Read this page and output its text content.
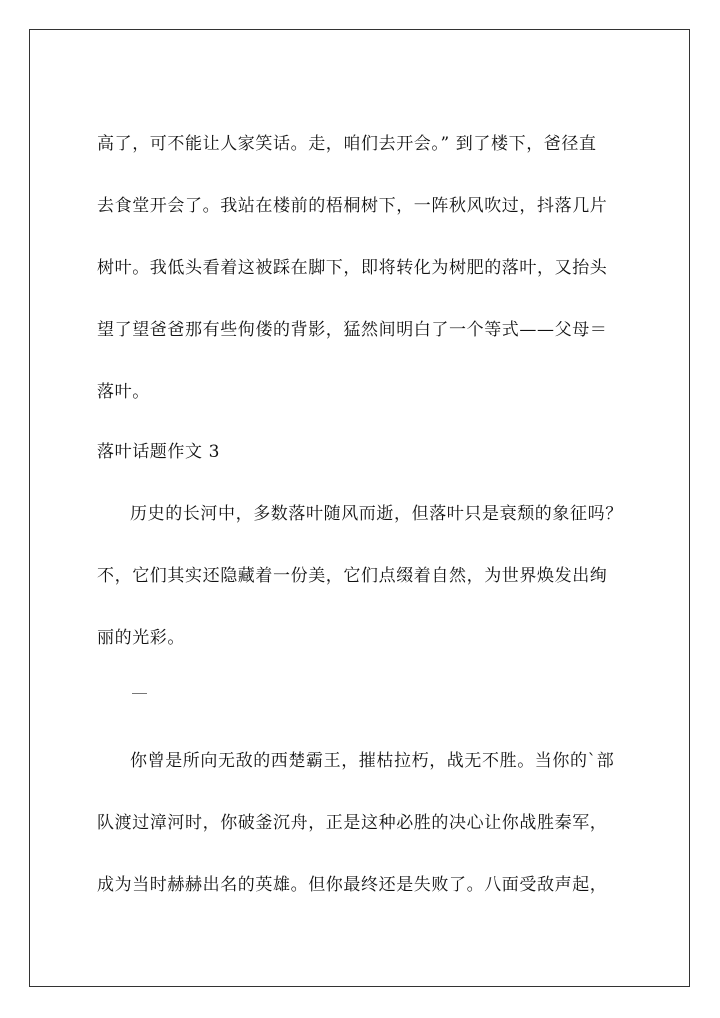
高了，可不能让人家笑话。走，咱们去开会。” 到了楼下，爸径直
去食堂开会了。我站在楼前的梧桐树下，一阵秋风吹过，抖落几片
树叶。我低头看着这被踩在脚下，即将转化为树肥的落叶，又抬头
望了望爸爸那有些佝偻的背影，猛然间明白了一个等式——父母＝
落叶。
落叶话题作文 3
历史的长河中，多数落叶随风而逝，但落叶只是衰颓的象征吗？
不，它们其实还隐藏着一份美，它们点缀着自然，为世界焕发出绚
丽的光彩。
你曾是所向无敌的西楚霸王，摧枯拉朽，战无不胜。当你的`部
队渡过漳河时，你破釜沉舟，正是这种必胜的决心让你战胜秦军，
成为当时赫赫出名的英雄。但你最终还是失败了。八面受敌声起，
